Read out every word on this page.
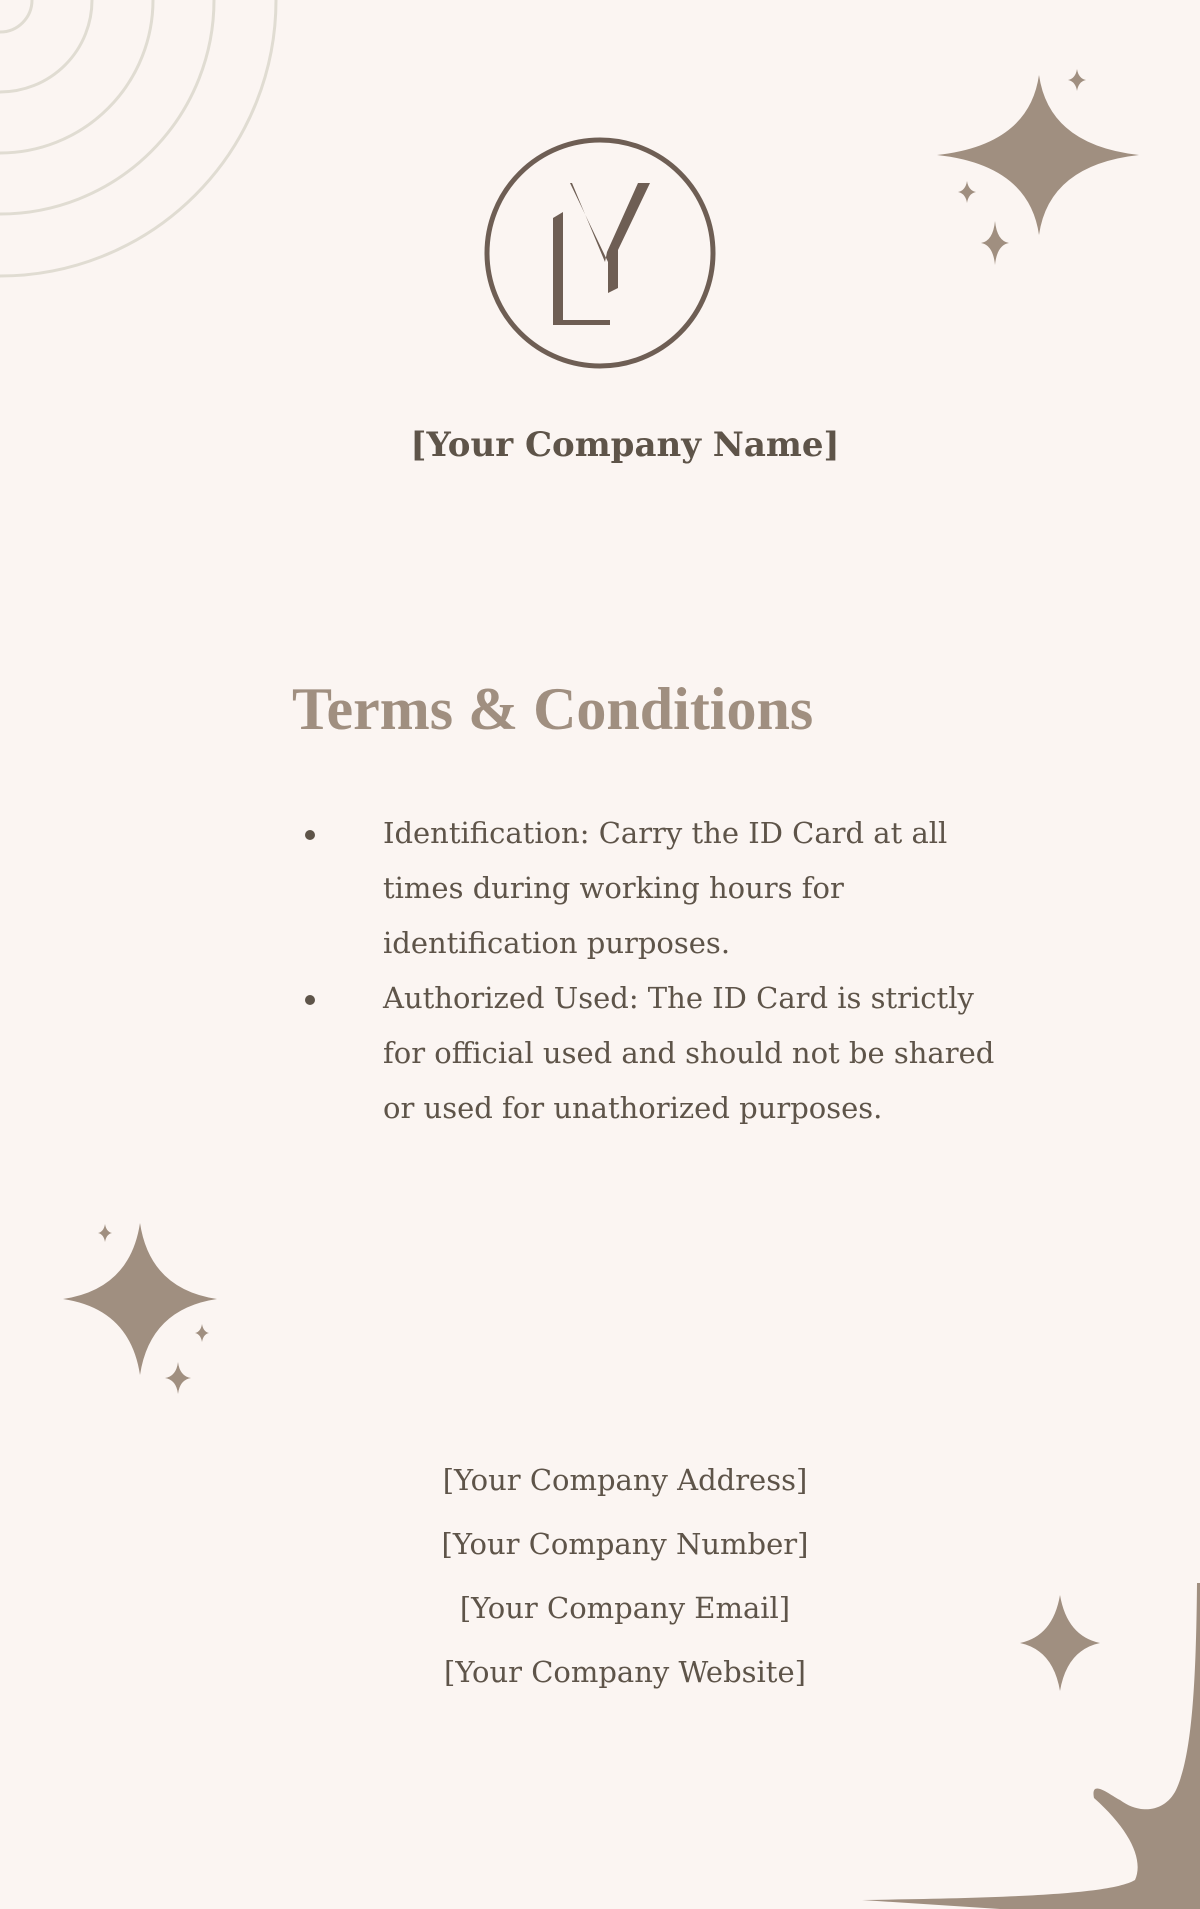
[Your Company Name]
Terms & Conditions
Identification: Carry the ID Card at all times during working hours for identification purposes.
Authorized Used: The ID Card is strictly for official used and should not be shared or used for unathorized purposes.
[Your Company Address]
[Your Company Number]
[Your Company Email]
[Your Company Website]
